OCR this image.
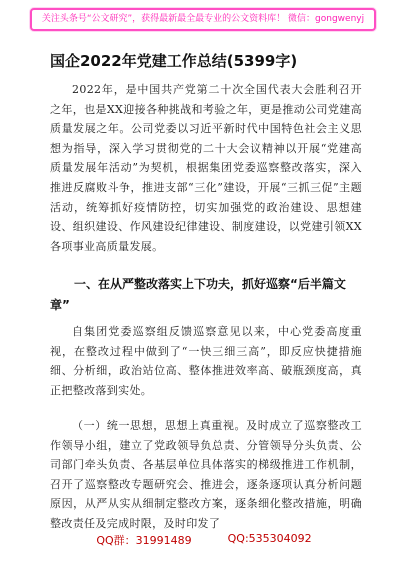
关注头条号“公文研究”，获得最新最全最专业的公文资料库！ 微信：gongwenyj
国企2022年党建工作总结(5399字)
2022年，是中国共产党第二十次全国代表大会胜利召开之年，也是XX迎接各种挑战和考验之年，更是推动公司党建高质量发展之年。公司党委以习近平新时代中国特色社会主义思想为指导，深入学习贯彻党的二十大会议精神以开展“党建高质量发展年活动”为契机，根据集团党委巡察整改落实，深入推进反腐败斗争，推进支部“三化”建设，开展“三抓三促”主题活动，统筹抓好疫情防控，切实加强党的政治建设、思想建设、组织建设、作风建设纪律建设、制度建设，以党建引领XX各项事业高质量发展。
一、在从严整改落实上下功夫，抓好巡察“后半篇文章”
自集团党委巡察组反馈巡察意见以来，中心党委高度重视，在整改过程中做到了“一快三细三高”，即反应快捷措施细、分析细，政治站位高、整体推进效率高、破瓶颈度高，真正把整改落到实处。
（一）统一思想，思想上真重视。及时成立了巡察整改工作领导小组，建立了党政领导负总责、分管领导分头负责、公司部门牵头负责、各基层单位具体落实的梯级推进工作机制，召开了巡察整改专题研究会、推进会，逐条逐项认真分析问题原因，从严从实从细制定整改方案，逐条细化整改措施，明确整改责任及完成时限，及时印发了
QQ群：31991489	QQ:535304092
